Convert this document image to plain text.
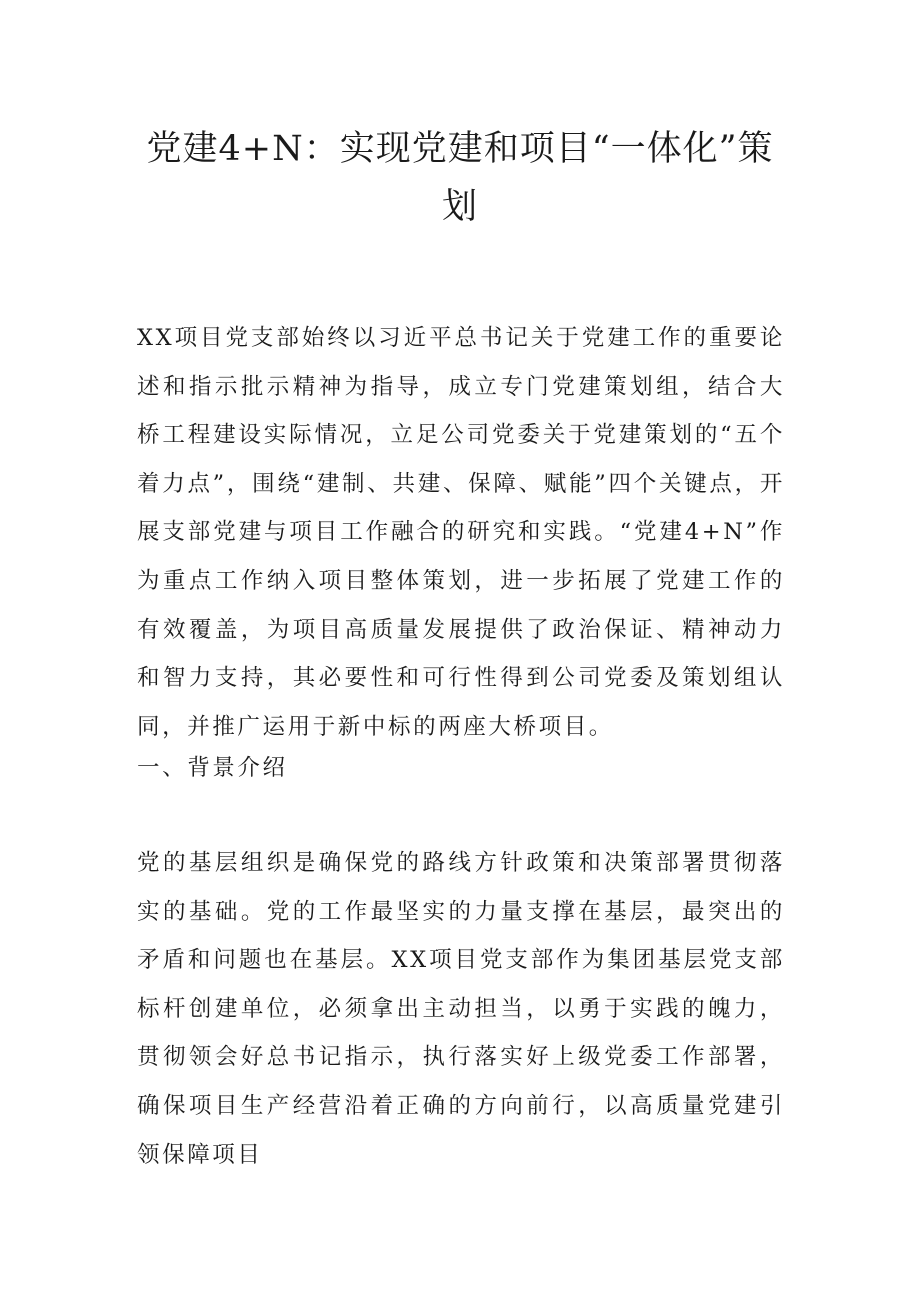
党建4+N：实现党建和项目“一体化”策划

XX项目党支部始终以习近平总书记关于党建工作的重要论述和指示批示精神为指导，成立专门党建策划组，结合大桥工程建设实际情况，立足公司党委关于党建策划的“五个着力点”，围绕“建制、共建、保障、赋能”四个关键点，开展支部党建与项目工作融合的研究和实践。“党建4+N”作为重点工作纳入项目整体策划，进一步拓展了党建工作的有效覆盖，为项目高质量发展提供了政治保证、精神动力和智力支持，其必要性和可行性得到公司党委及策划组认同，并推广运用于新中标的两座大桥项目。

一、背景介绍

党的基层组织是确保党的路线方针政策和决策部署贯彻落实的基础。党的工作最坚实的力量支撑在基层，最突出的矛盾和问题也在基层。XX项目党支部作为集团基层党支部标杆创建单位，必须拿出主动担当，以勇于实践的魄力，贯彻领会好总书记指示，执行落实好上级党委工作部署，确保项目生产经营沿着正确的方向前行，以高质量党建引领保障项目
